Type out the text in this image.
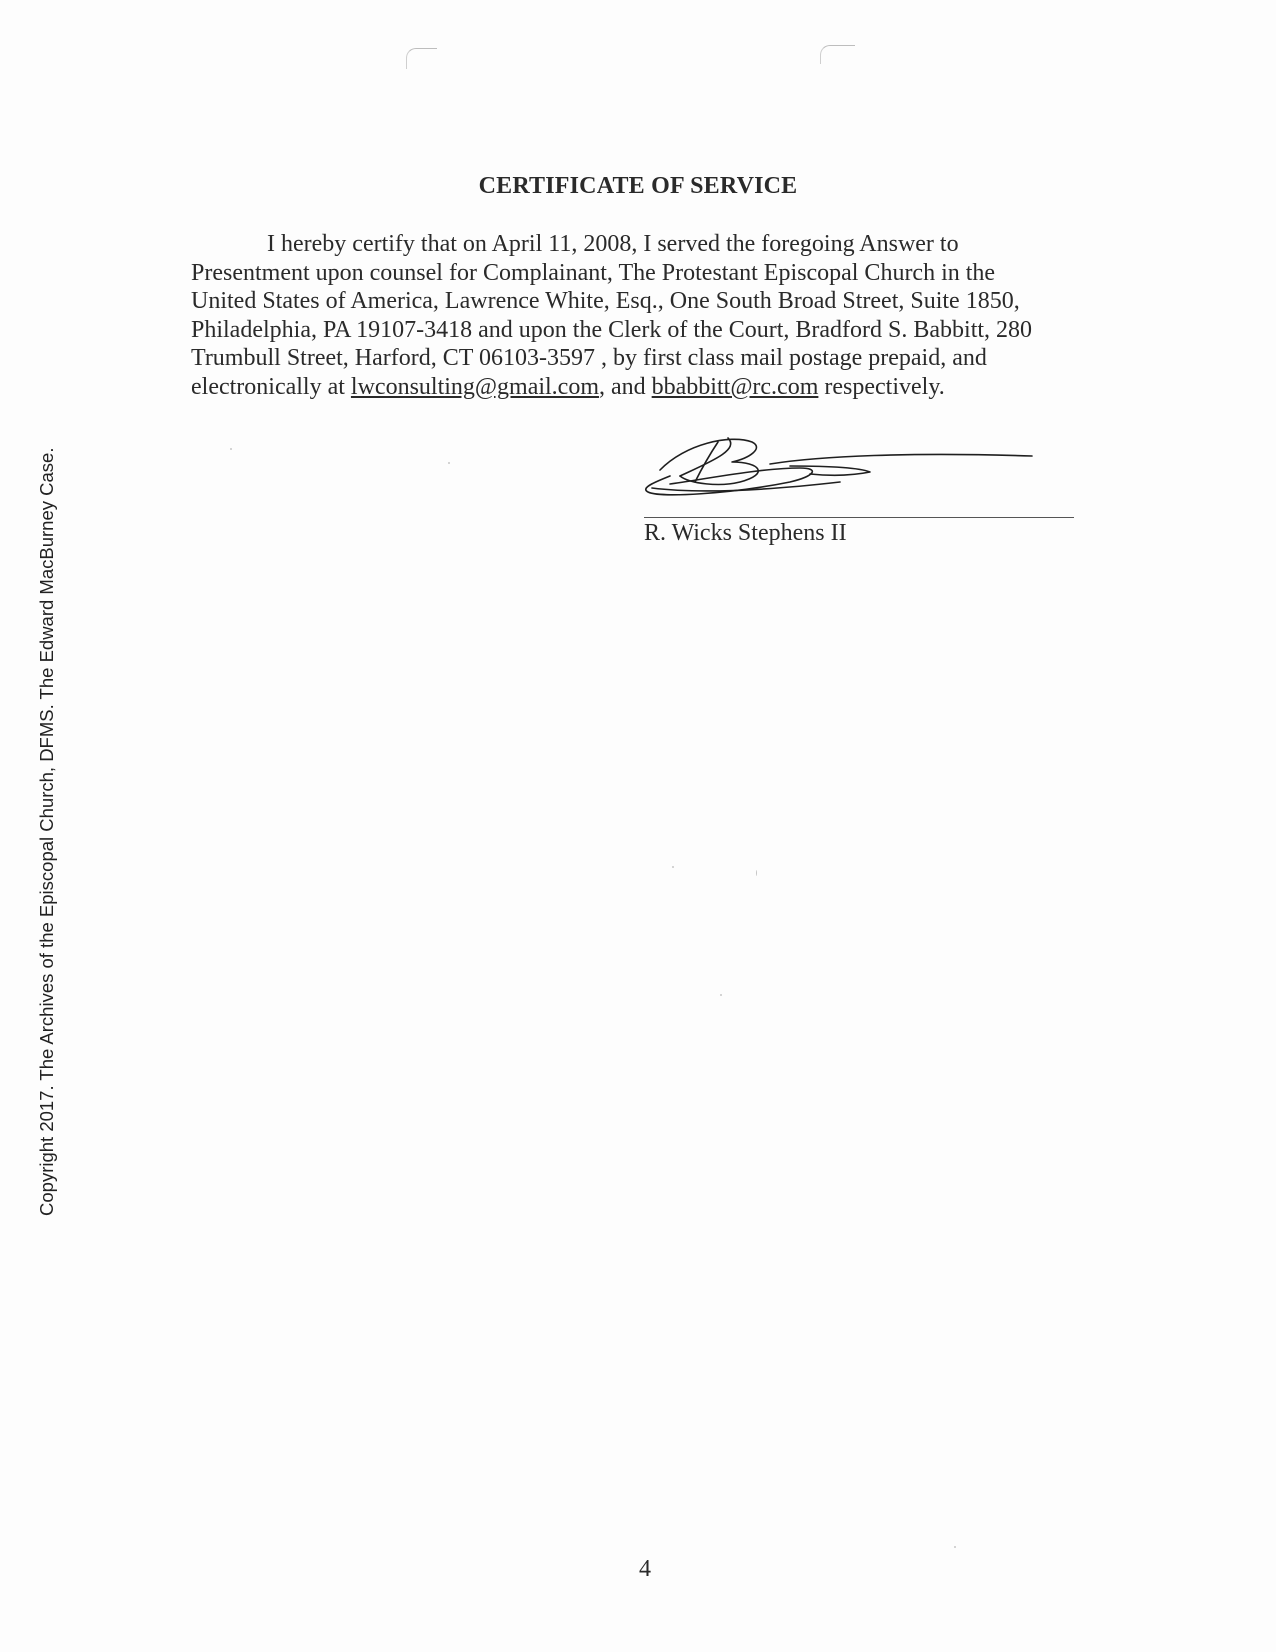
CERTIFICATE OF SERVICE

I hereby certify that on April 11, 2008, I served the foregoing Answer to
Presentment upon counsel for Complainant, The Protestant Episcopal Church in the
United States of America, Lawrence White, Esq., One South Broad Street, Suite 1850,
Philadelphia, PA 19107-3418 and upon the Clerk of the Court, Bradford S. Babbitt, 280
Trumbull Street, Harford, CT 06103-3597 , by first class mail postage prepaid, and
electronically at lwconsulting@gmail.com, and bbabbitt@rc.com respectively.

R. Wicks Stephens II

Copyright 2017. The Archives of the Episcopal Church, DFMS. The Edward MacBurney Case.

4
